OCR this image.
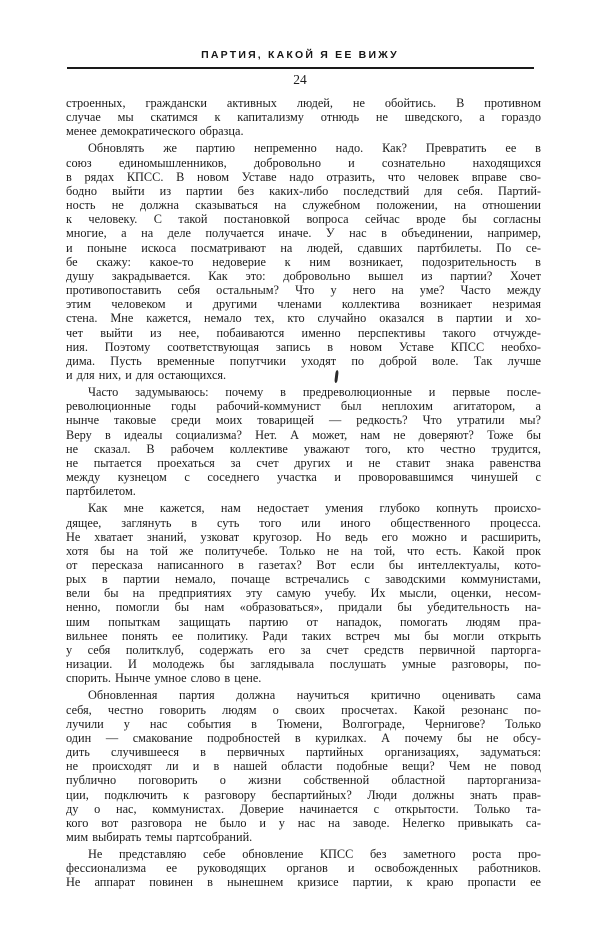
ПАРТИЯ, КАКОЙ Я ЕЕ ВИЖУ
24
строенных, граждански активных людей, не обойтись. В противном
случае мы скатимся к капитализму отнюдь не шведского, а гораздо
менее демократического образца.
Обновлять же партию непременно надо. Как? Превратить ее в
союз единомышленников, добровольно и сознательно находящихся
в рядах КПСС. В новом Уставе надо отразить, что человек вправе сво-
бодно выйти из партии без каких-либо последствий для себя. Партий-
ность не должна сказываться на служебном положении, на отношении
к человеку. С такой постановкой вопроса сейчас вроде бы согласны
многие, а на деле получается иначе. У нас в объединении, например,
и поныне искоса посматривают на людей, сдавших партбилеты. По се-
бе скажу: какое-то недоверие к ним возникает, подозрительность в
душу закрадывается. Как это: добровольно вышел из партии? Хочет
противопоставить себя остальным? Что у него на уме? Часто между
этим человеком и другими членами коллектива возникает незримая
стена. Мне кажется, немало тех, кто случайно оказался в партии и хо-
чет выйти из нее, побаиваются именно перспективы такого отчужде-
ния. Поэтому соответствующая запись в новом Уставе КПСС необхо-
дима. Пусть временные попутчики уходят по доброй воле. Так лучше
и для них, и для остающихся.
Часто задумываюсь: почему в предреволюционные и первые после-
революционные годы рабочий-коммунист был неплохим агитатором, а
нынче таковые среди моих товарищей — редкость? Что утратили мы?
Веру в идеалы социализма? Нет. А может, нам не доверяют? Тоже бы
не сказал. В рабочем коллективе уважают того, кто честно трудится,
не пытается проехаться за счет других и не ставит знака равенства
между кузнецом с соседнего участка и проворовавшимся чинушей с
партбилетом.
Как мне кажется, нам недостает умения глубоко копнуть происхо-
дящее, заглянуть в суть того или иного общественного процесса.
Не хватает знаний, узковат кругозор. Но ведь его можно и расширить,
хотя бы на той же политучебе. Только не на той, что есть. Какой прок
от пересказа написанного в газетах? Вот если бы интеллектуалы, кото-
рых в партии немало, почаще встречались с заводскими коммунистами,
вели бы на предприятиях эту самую учебу. Их мысли, оценки, несом-
ненно, помогли бы нам «образоваться», придали бы убедительность на-
шим попыткам защищать партию от нападок, помогать людям пра-
вильнее понять ее политику. Ради таких встреч мы бы могли открыть
у себя политклуб, содержать его за счет средств первичной парторга-
низации. И молодежь бы заглядывала послушать умные разговоры, по-
спорить. Нынче умное слово в цене.
Обновленная партия должна научиться критично оценивать сама
себя, честно говорить людям о своих просчетах. Какой резонанс по-
лучили у нас события в Тюмени, Волгограде, Чернигове? Только
один — смакование подробностей в курилках. А почему бы не обсу-
дить случившееся в первичных партийных организациях, задуматься:
не происходят ли и в нашей области подобные вещи? Чем не повод
публично поговорить о жизни собственной областной парторганиза-
ции, подключить к разговору беспартийных? Люди должны знать прав-
ду о нас, коммунистах. Доверие начинается с открытости. Только та-
кого вот разговора не было и у нас на заводе. Нелегко привыкать са-
мим выбирать темы партсобраний.
Не представляю себе обновление КПСС без заметного роста про-
фессионализма ее руководящих органов и освобожденных работников.
Не аппарат повинен в нынешнем кризисе партии, к краю пропасти ее
